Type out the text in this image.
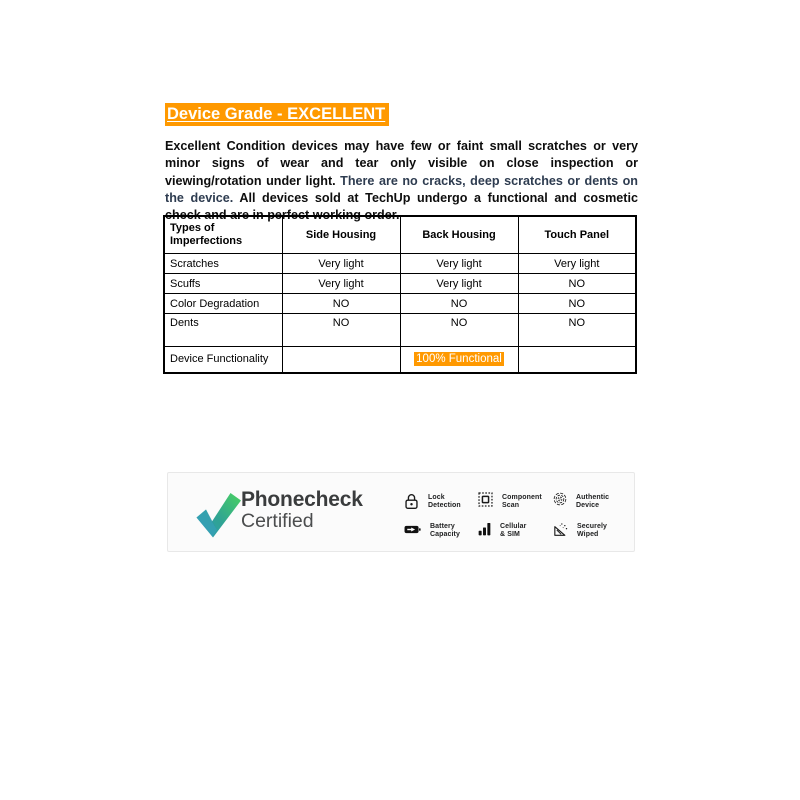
Device Grade - EXCELLENT

Excellent Condition devices may have few or faint small scratches or very minor signs of wear and tear only visible on close inspection or viewing/rotation under light. There are no cracks, deep scratches or dents on the device. All devices sold at TechUp undergo a functional and cosmetic check and are in perfect working order.

Types of Imperfections	Side Housing	Back Housing	Touch Panel
Scratches	Very light	Very light	Very light
Scuffs	Very light	Very light	NO
Color Degradation	NO	NO	NO
Dents	NO	NO	NO
Device Functionality		100% Functional	
Phonecheck
Certified
Lock
Detection
Component
Scan
Authentic
Device
Battery
Capacity
Cellular
& SIM
Securely
Wiped
